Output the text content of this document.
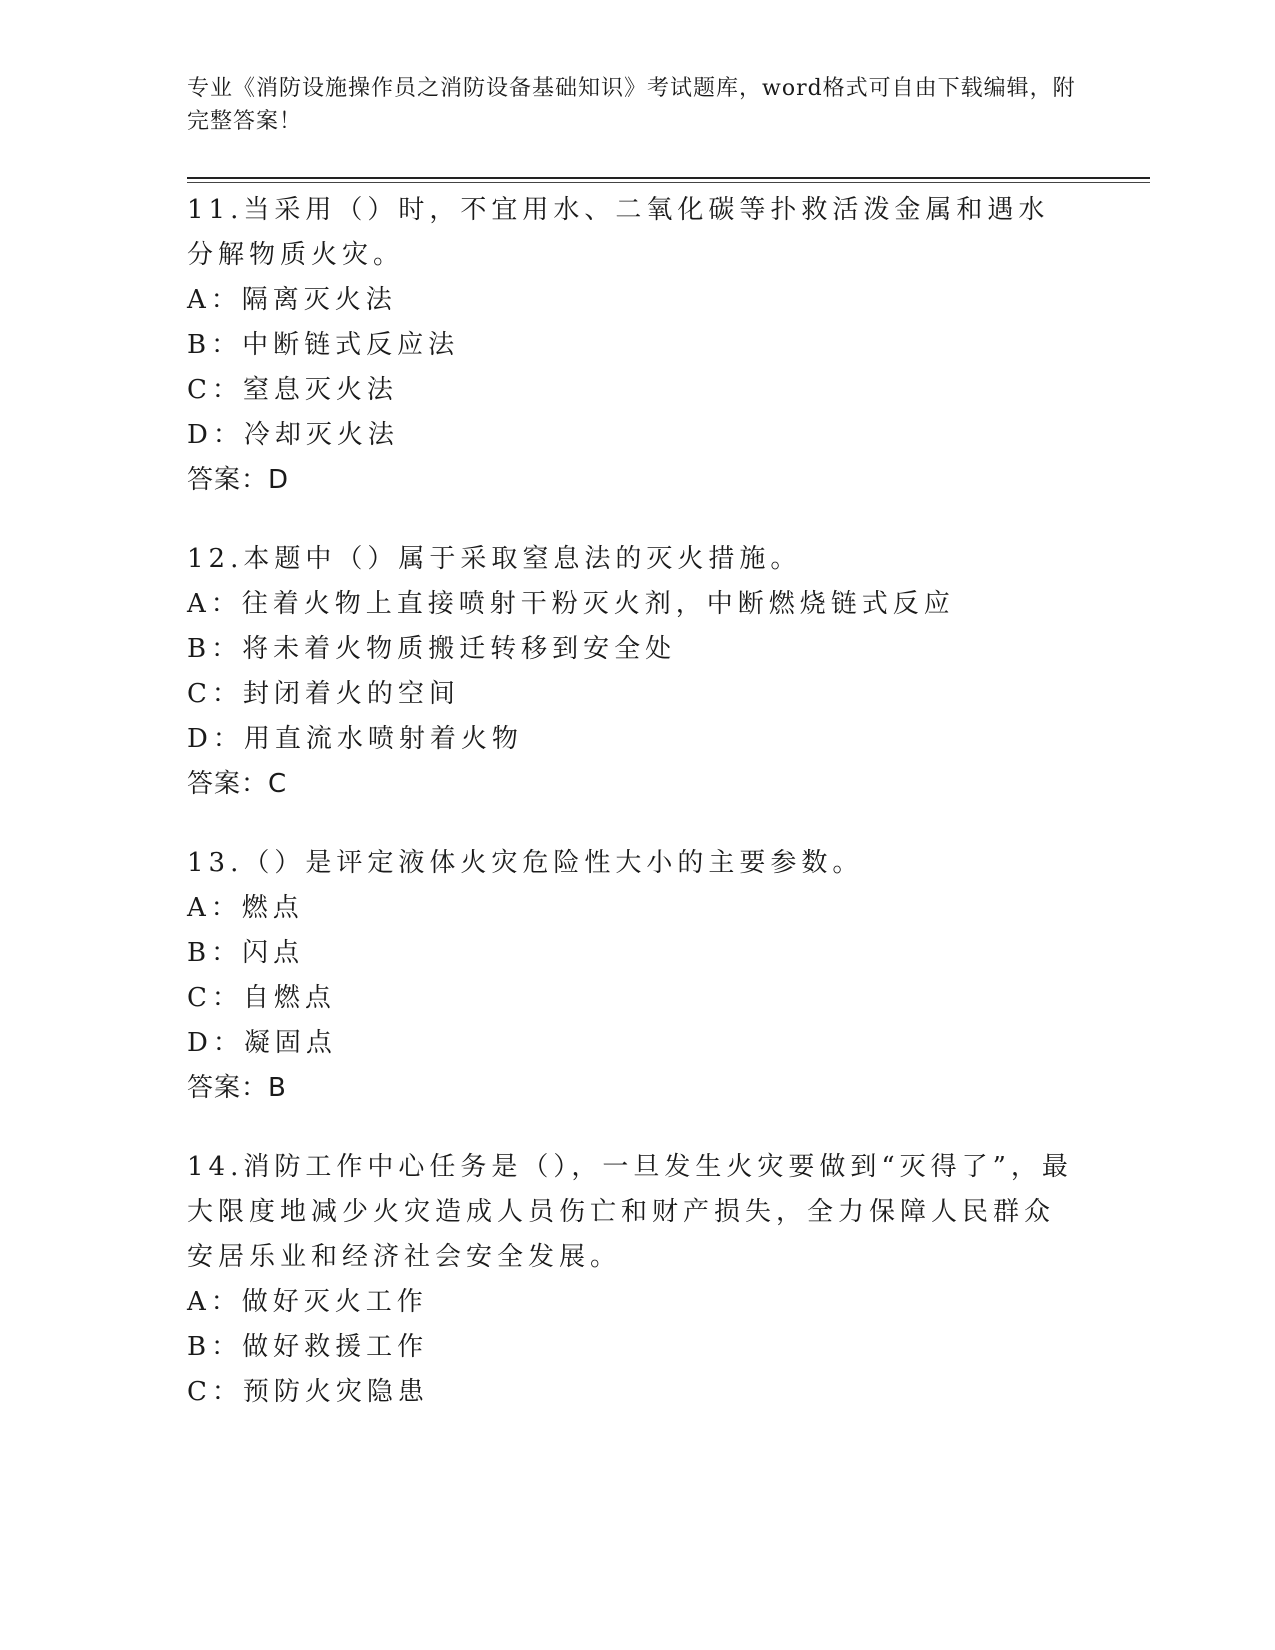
专业《消防设施操作员之消防设备基础知识》考试题库，word格式可自由下载编辑，附完整答案！

11.当采用（）时，不宜用水、二氧化碳等扑救活泼金属和遇水分解物质火灾。

A：隔离灭火法

B：中断链式反应法

C：窒息灭火法

D：冷却灭火法

答案：D

12.本题中（）属于采取窒息法的灭火措施。

A：往着火物上直接喷射干粉灭火剂，中断燃烧链式反应

B：将未着火物质搬迁转移到安全处

C：封闭着火的空间

D：用直流水喷射着火物

答案：C

13.（）是评定液体火灾危险性大小的主要参数。

A：燃点

B：闪点

C：自燃点

D：凝固点

答案：B

14.消防工作中心任务是（），一旦发生火灾要做到“灭得了”，最大限度地减少火灾造成人员伤亡和财产损失，全力保障人民群众安居乐业和经济社会安全发展。

A：做好灭火工作

B：做好救援工作

C：预防火灾隐患
